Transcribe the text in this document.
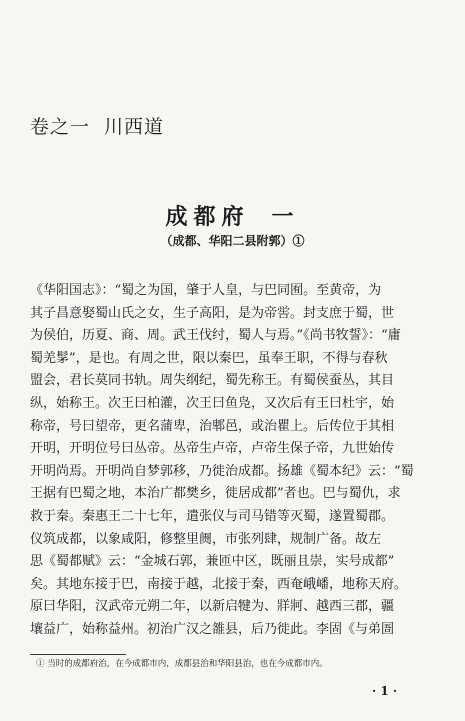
卷之一 川西道
成都府 一
（成都、华阳二县附郭）①
《华阳国志》：“蜀之为国，肇于人皇，与巴同囿。至黄帝，为
其子昌意娶蜀山氏之女，生子高阳，是为帝喾。封支庶于蜀，世
为侯伯，历夏、商、周。武王伐纣，蜀人与焉。”《尚书牧誓》：“庸
蜀羌髳”，是也。有周之世，限以秦巴，虽奉王职，不得与春秋
盟会，君长莫同书轨。周失纲纪，蜀先称王。有蜀侯蚕丛，其目
纵，始称王。次王曰柏灌，次王曰鱼凫，又次后有王曰杜宇，始
称帝，号曰望帝，更名蒲卑，治郫邑，或治瞿上。后传位于其相
开明，开明位号曰丛帝。丛帝生卢帝，卢帝生保子帝，九世始传
开明尚焉。开明尚自梦郭移，乃徙治成都。扬雄《蜀本纪》云：“蜀
王据有巴蜀之地，本治广都樊乡，徙居成都”者也。巴与蜀仇，求
救于秦。秦惠王二十七年，遣张仪与司马错等灭蜀，遂置蜀郡。
仪筑成都，以象咸阳，修整里阓，市张列肆，规制广备。故左
思《蜀都赋》云：“金城石郭，兼匝中区，既丽且崇，实号成都”
矣。其地东接于巴，南接于越，北接于秦，西奄峨嶓，地称天府。
原曰华阳，汉武帝元朔二年，以新启犍为、牂牁、越西三郡，疆
壤益广，始称益州。初治广汉之雒县，后乃徙此。李固《与弟圄
① 当时的成都府治，在今成都市内，成都县治和华阳县治，也在今成都市内。
· 1 ·
